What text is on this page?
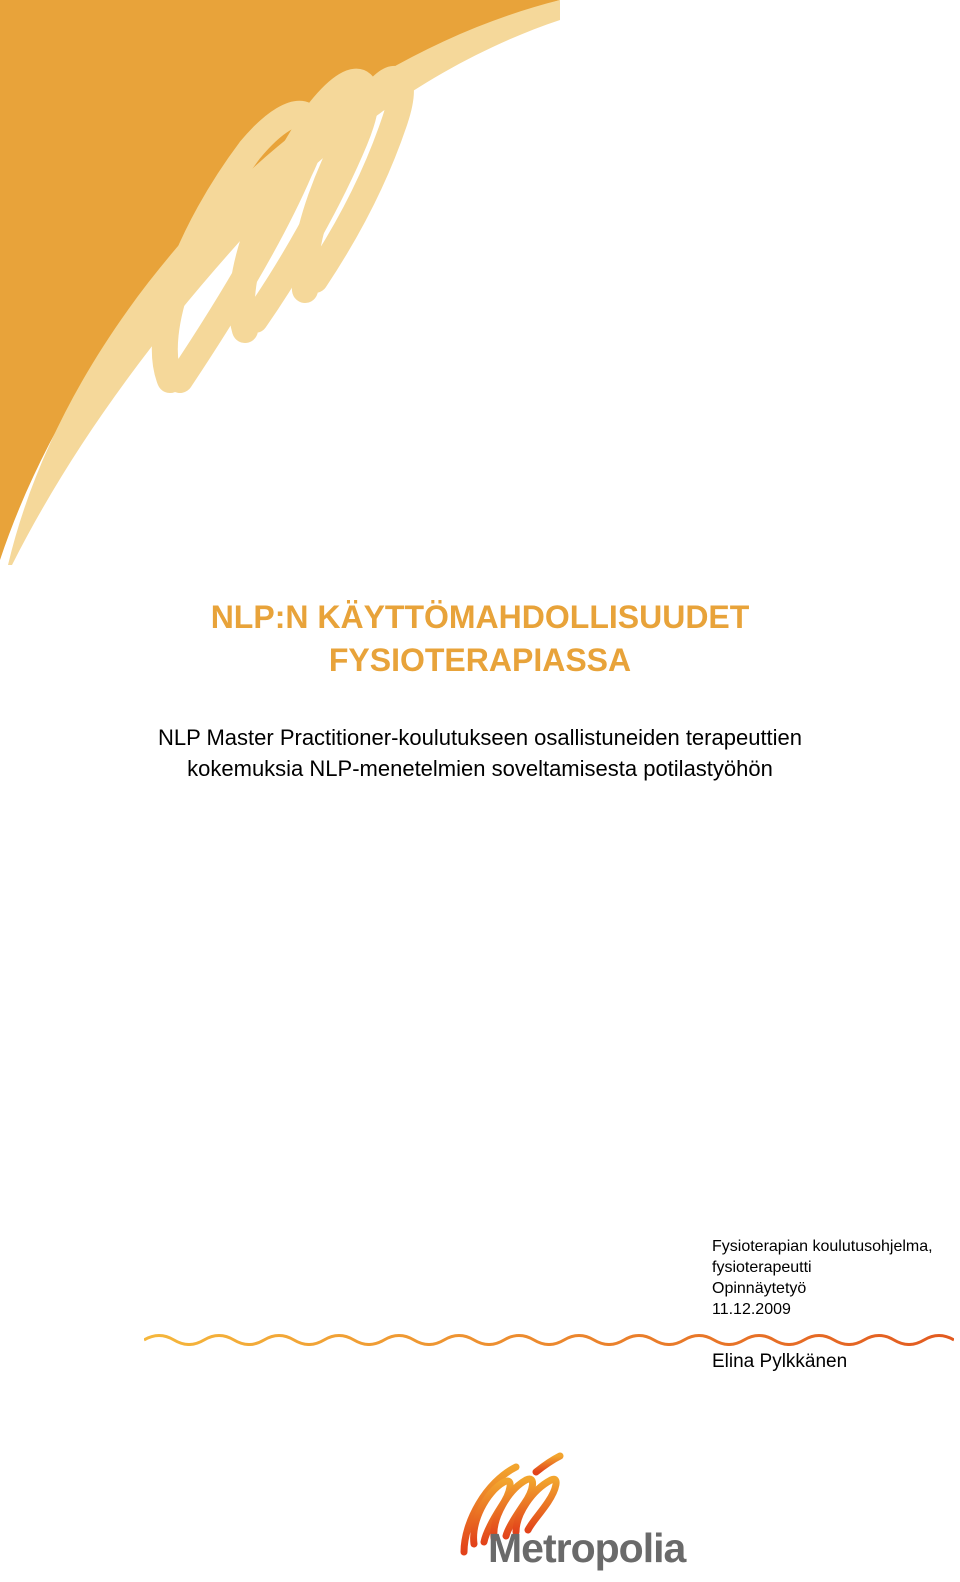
NLP:N KÄYTTÖMAHDOLLISUUDET
FYSIOTERAPIASSA
NLP Master Practitioner-koulutukseen osallistuneiden terapeuttien
kokemuksia NLP-menetelmien soveltamisesta potilastyöhön
Fysioterapian koulutusohjelma,
fysioterapeutti
Opinnäytetyö
11.12.2009
Elina Pylkkänen
Metropolia
